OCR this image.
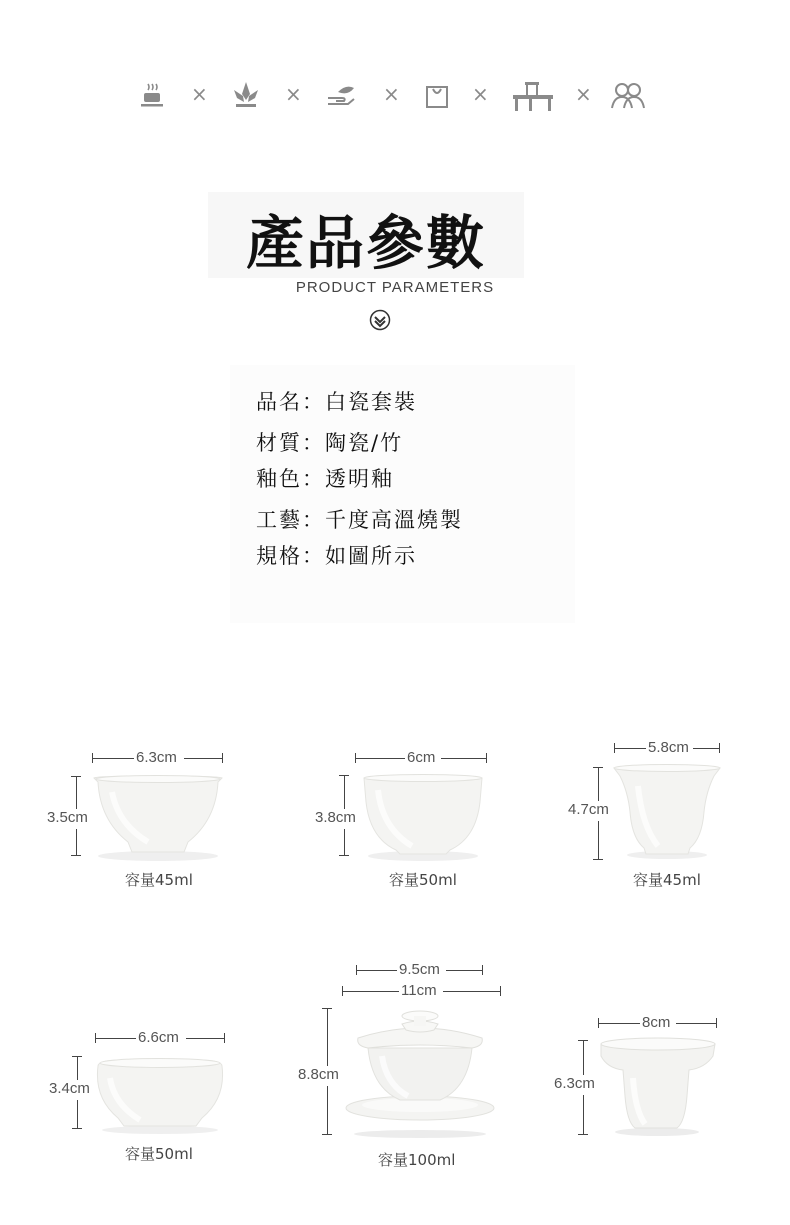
×	×	×	×	×
產品參數
PRODUCT PARAMETERS
品名：白瓷套裝
材質：陶瓷/竹
釉色：透明釉
工藝：千度高溫燒製
規格：如圖所示
6.3cm
3.5cm
容量45ml
6cm
3.8cm
容量50ml
5.8cm
4.7cm
容量45ml
6.6cm
3.4cm
容量50ml
9.5cm
11cm
8.8cm
容量100ml
8cm
6.3cm
